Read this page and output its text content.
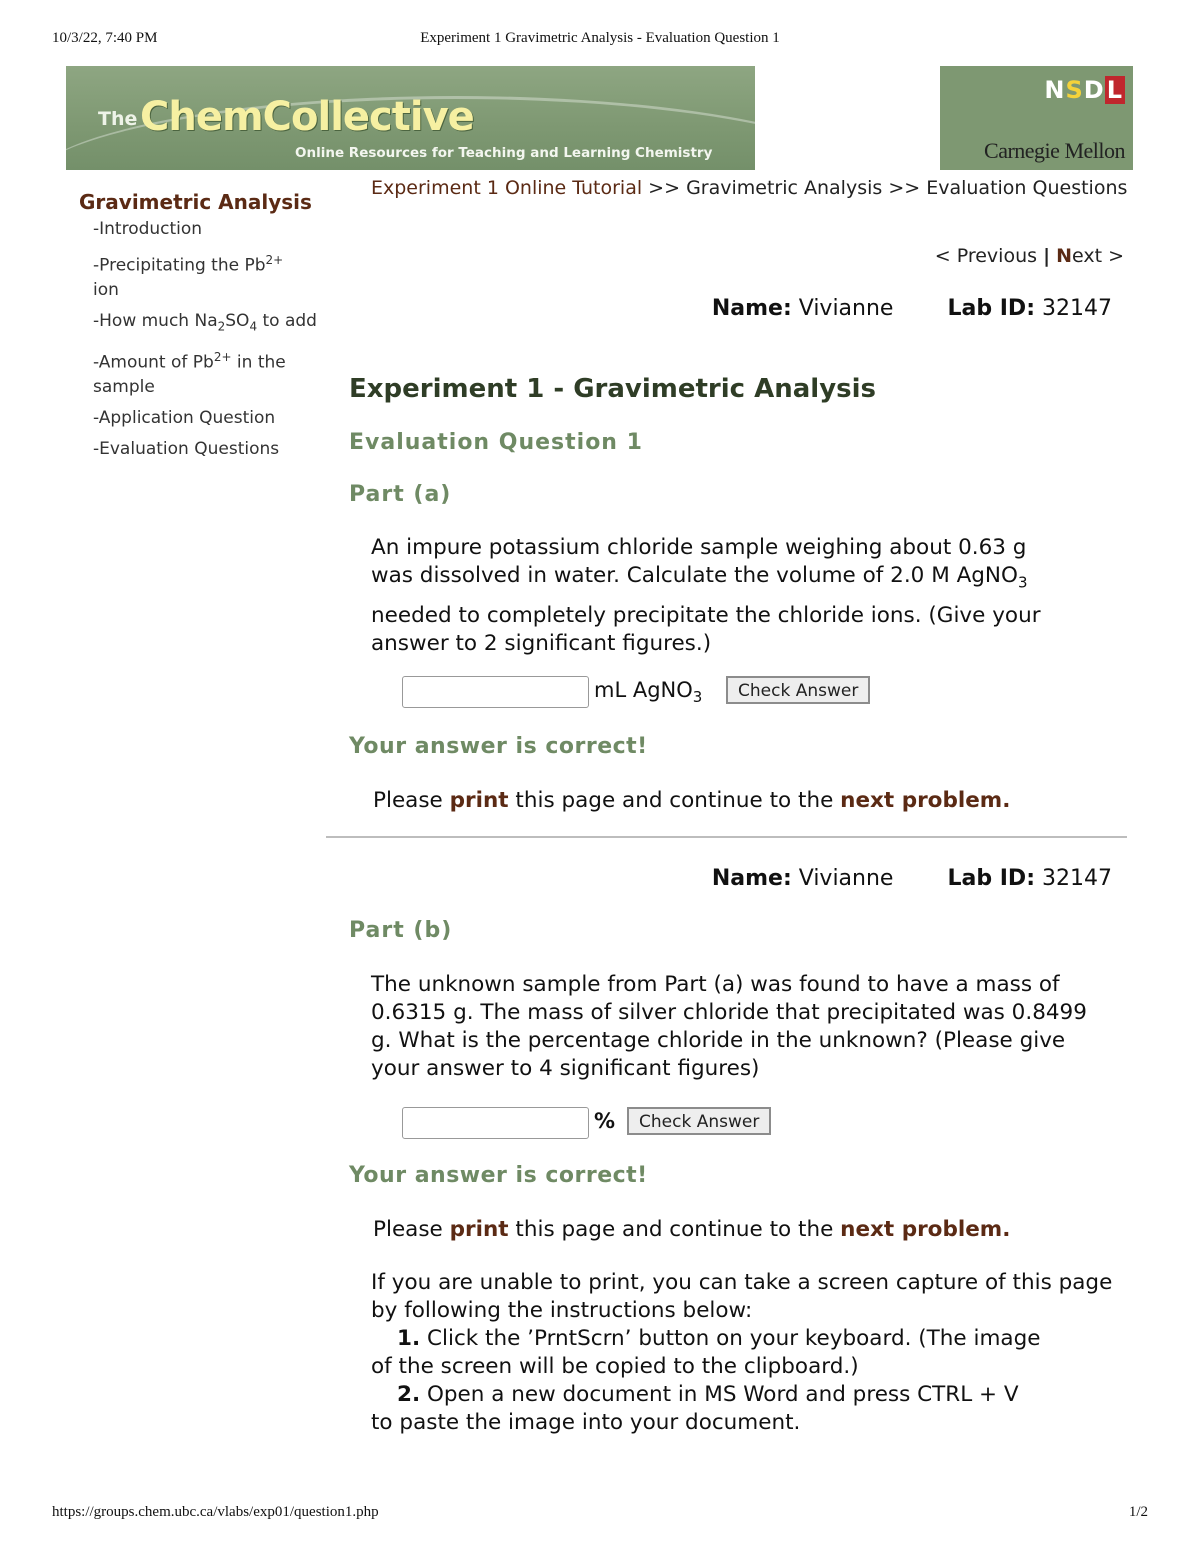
10/3/22, 7:40 PM	Experiment 1 Gravimetric Analysis - Evaluation Question 1
The ChemCollective
Online Resources for Teaching and Learning Chemistry
NSDL
Carnegie Mellon
Gravimetric Analysis
-Introduction
-Precipitating the $Pb^{2+}$
ion
-How much $Na_2SO_4$ to add
-Amount of $Pb^{2+}$ in the sample
-Application Question
-Evaluation Questions
Experiment 1 Online Tutorial >> Gravimetric Analysis >> Evaluation Questions
< Previous | Next >
Name: Vivianne Lab ID: 32147
Experiment 1 - Gravimetric Analysis
Evaluation Question 1
Part (a)
An impure potassium chloride sample weighing about 0.63 g
was dissolved in water. Calculate the volume of 2.0 M AgNO$_3$
needed to completely precipitate the chloride ions. (Give your answer to 2 significant figures.)
mL AgNO$_3$	Check Answer
Your answer is correct!
Please print this page and continue to the next problem.
Name: Vivianne Lab ID: 32147
Part (b)
The unknown sample from Part (a) was found to have a mass of 0.6315 g. The mass of silver chloride that precipitated was 0.8499 g. What is the percentage chloride in the unknown? (Please give your answer to 4 significant figures)
%	Check Answer
Your answer is correct!
Please print this page and continue to the next problem.
If you are unable to print, you can take a screen capture of this page by following the instructions below:
1. Click the ’PrntScrn’ button on your keyboard. (The image
of the screen will be copied to the clipboard.)
2. Open a new document in MS Word and press CTRL + V
to paste the image into your document.
https://groups.chem.ubc.ca/vlabs/exp01/question1.php	1/2
